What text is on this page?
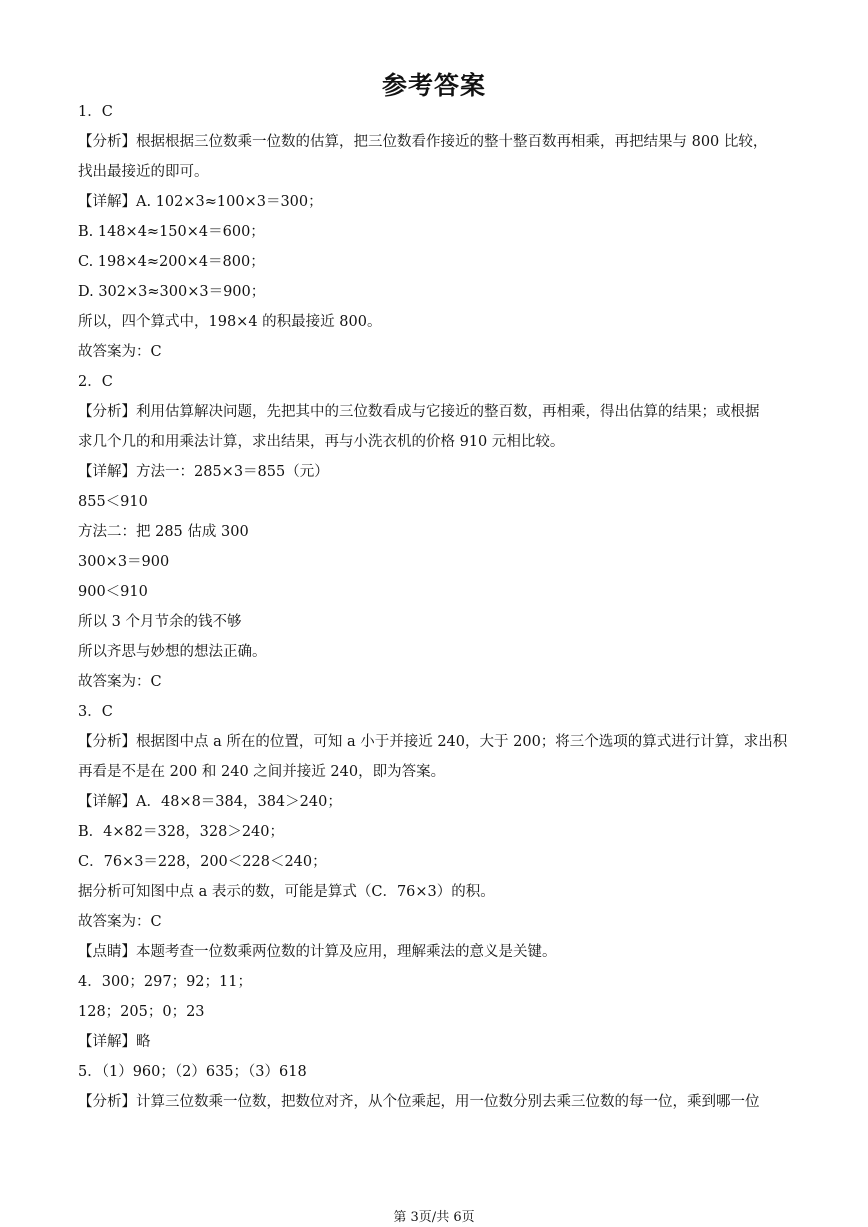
参考答案

1．C

【分析】根据根据三位数乘一位数的估算，把三位数看作接近的整十整百数再相乘，再把结果与 800 比较，

找出最接近的即可。

【详解】A. 102×3≈100×3＝300；

B. 148×4≈150×4＝600；

C. 198×4≈200×4＝800；

D. 302×3≈300×3＝900；

所以，四个算式中，198×4 的积最接近 800。

故答案为：C

2．C

【分析】利用估算解决问题，先把其中的三位数看成与它接近的整百数，再相乘，得出估算的结果；或根据

求几个几的和用乘法计算，求出结果，再与小洗衣机的价格 910 元相比较。

【详解】方法一：285×3＝855（元）

855＜910

方法二：把 285 估成 300

300×3＝900

900＜910

所以 3 个月节余的钱不够

所以齐思与妙想的想法正确。

故答案为：C

3．C

【分析】根据图中点 a 所在的位置，可知 a 小于并接近 240，大于 200；将三个选项的算式进行计算，求出积

再看是不是在 200 和 240 之间并接近 240，即为答案。

【详解】A．48×8＝384，384＞240；

B．4×82＝328，328＞240；

C．76×3＝228，200＜228＜240；

据分析可知图中点 a 表示的数，可能是算式（C．76×3）的积。

故答案为：C

【点睛】本题考查一位数乘两位数的计算及应用，理解乘法的意义是关键。

4．300；297；92；11；

128；205；0；23

【详解】略

5．（1）960；（2）635；（3）618

【分析】计算三位数乘一位数，把数位对齐，从个位乘起，用一位数分别去乘三位数的每一位，乘到哪一位

第 3页/共 6页
